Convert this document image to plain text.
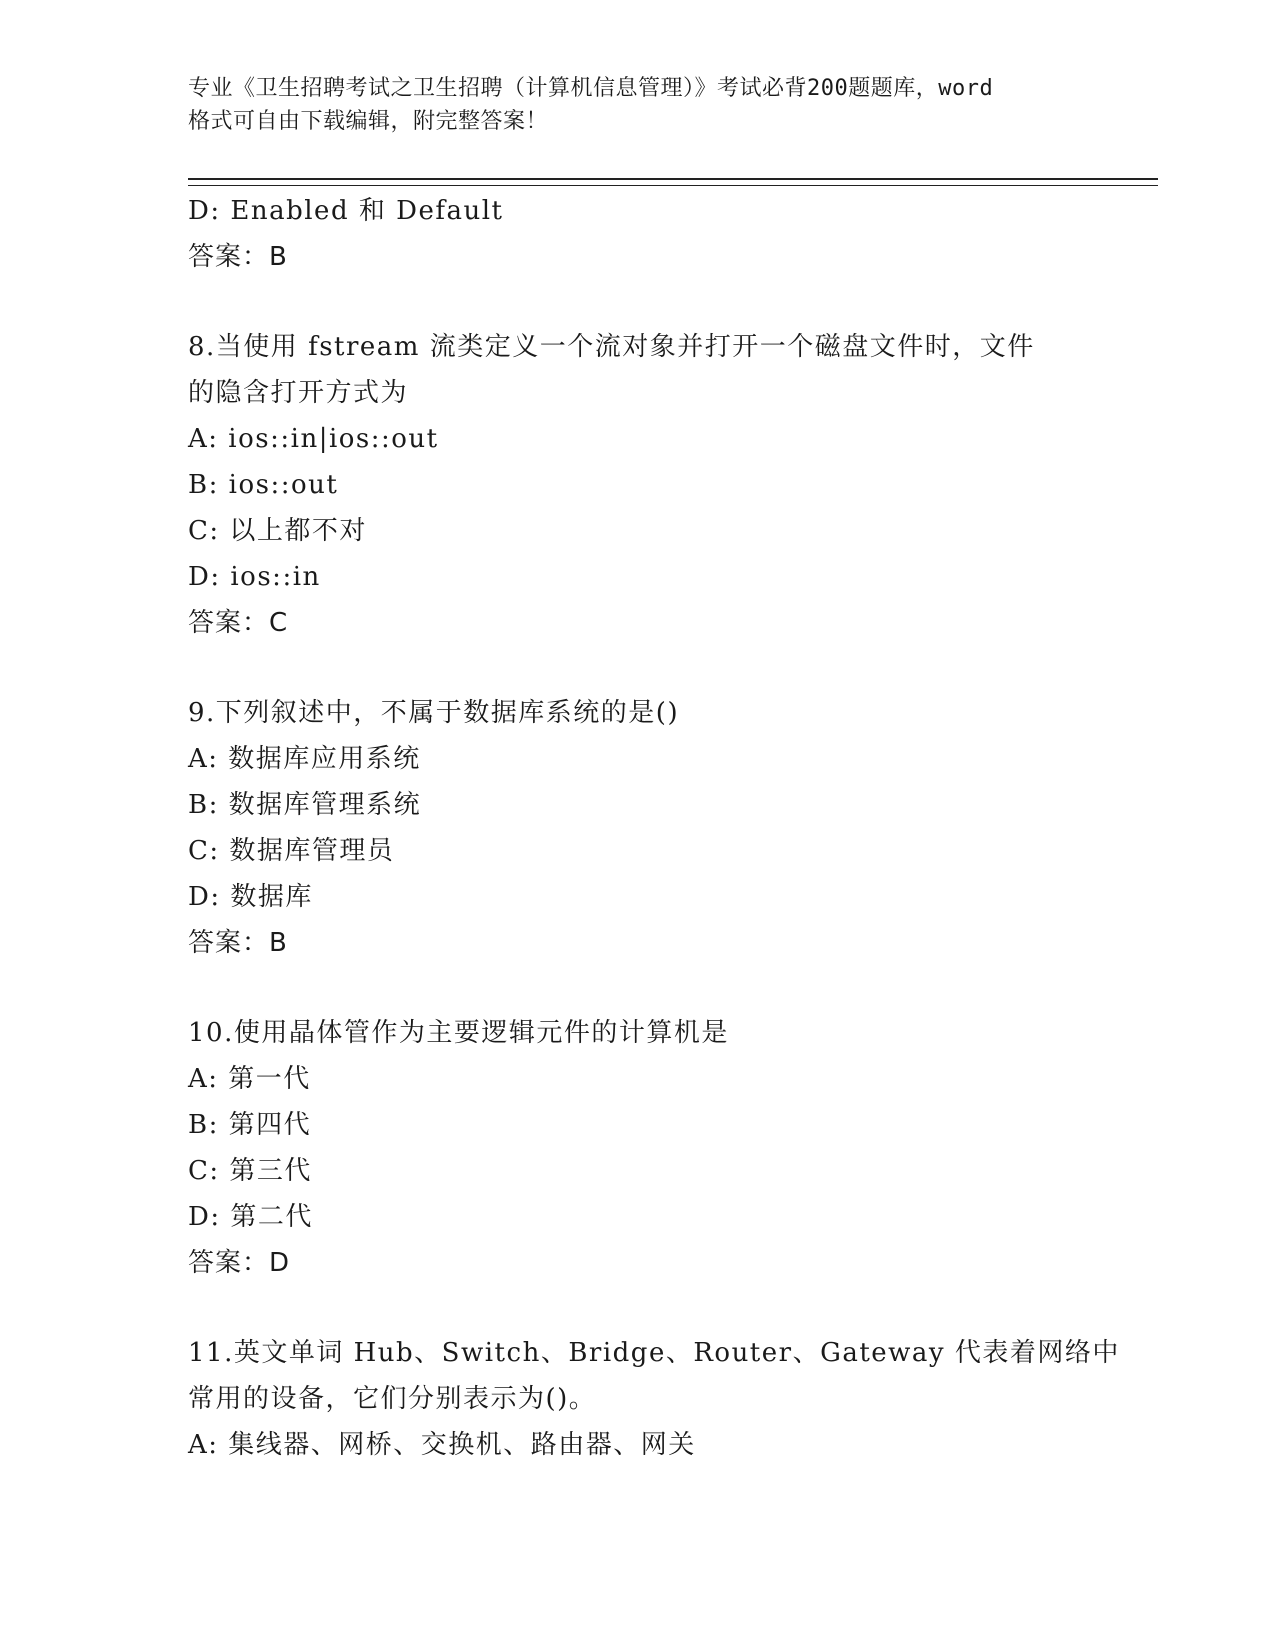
专业《卫生招聘考试之卫生招聘（计算机信息管理）》考试必背200题题库，word
格式可自由下载编辑，附完整答案！
D: Enabled 和 Default
答案：B
8.当使用 fstream 流类定义一个流对象并打开一个磁盘文件时，文件
的隐含打开方式为
A: ios::in|ios::out
B: ios::out
C: 以上都不对
D: ios::in
答案：C
9.下列叙述中，不属于数据库系统的是()
A: 数据库应用系统
B: 数据库管理系统
C: 数据库管理员
D: 数据库
答案：B
10.使用晶体管作为主要逻辑元件的计算机是
A: 第一代
B: 第四代
C: 第三代
D: 第二代
答案：D
11.英文单词 Hub、Switch、Bridge、Router、Gateway 代表着网络中
常用的设备，它们分别表示为()。
A: 集线器、网桥、交换机、路由器、网关
